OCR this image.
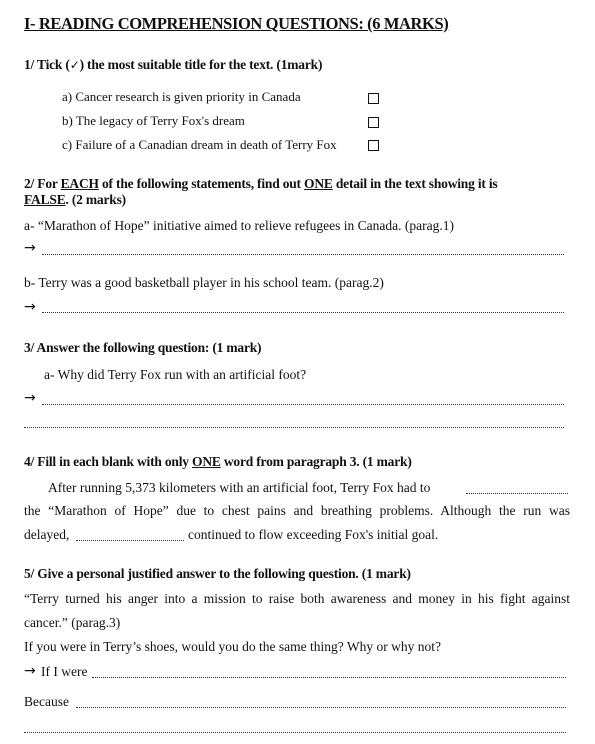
I- READING COMPREHENSION QUESTIONS: (6 MARKS)
1/ Tick (✓) the most suitable title for the text. (1mark)
a) Cancer research is given priority in Canada
b) The legacy of Terry Fox's dream
c) Failure of a Canadian dream in death of Terry Fox
2/ For EACH of the following statements, find out ONE detail in the text showing it is
FALSE. (2 marks)
a- “Marathon of Hope” initiative aimed to relieve refugees in Canada. (parag.1)
→
b- Terry was a good basketball player in his school team. (parag.2)
→
3/ Answer the following question: (1 mark)
a- Why did Terry Fox run with an artificial foot?
→
4/ Fill in each blank with only ONE word from paragraph 3. (1 mark)
After running 5,373 kilometers with an artificial foot, Terry Fox had to
the “Marathon of Hope” due to chest pains and breathing problems. Although the run was
delayed,	continued to flow exceeding Fox's initial goal.
5/ Give a personal justified answer to the following question. (1 mark)
“Terry turned his anger into a mission to raise both awareness and money in his fight against
cancer.” (parag.3)
If you were in Terry’s shoes, would you do the same thing? Why or why not?
→ If I were
Because
